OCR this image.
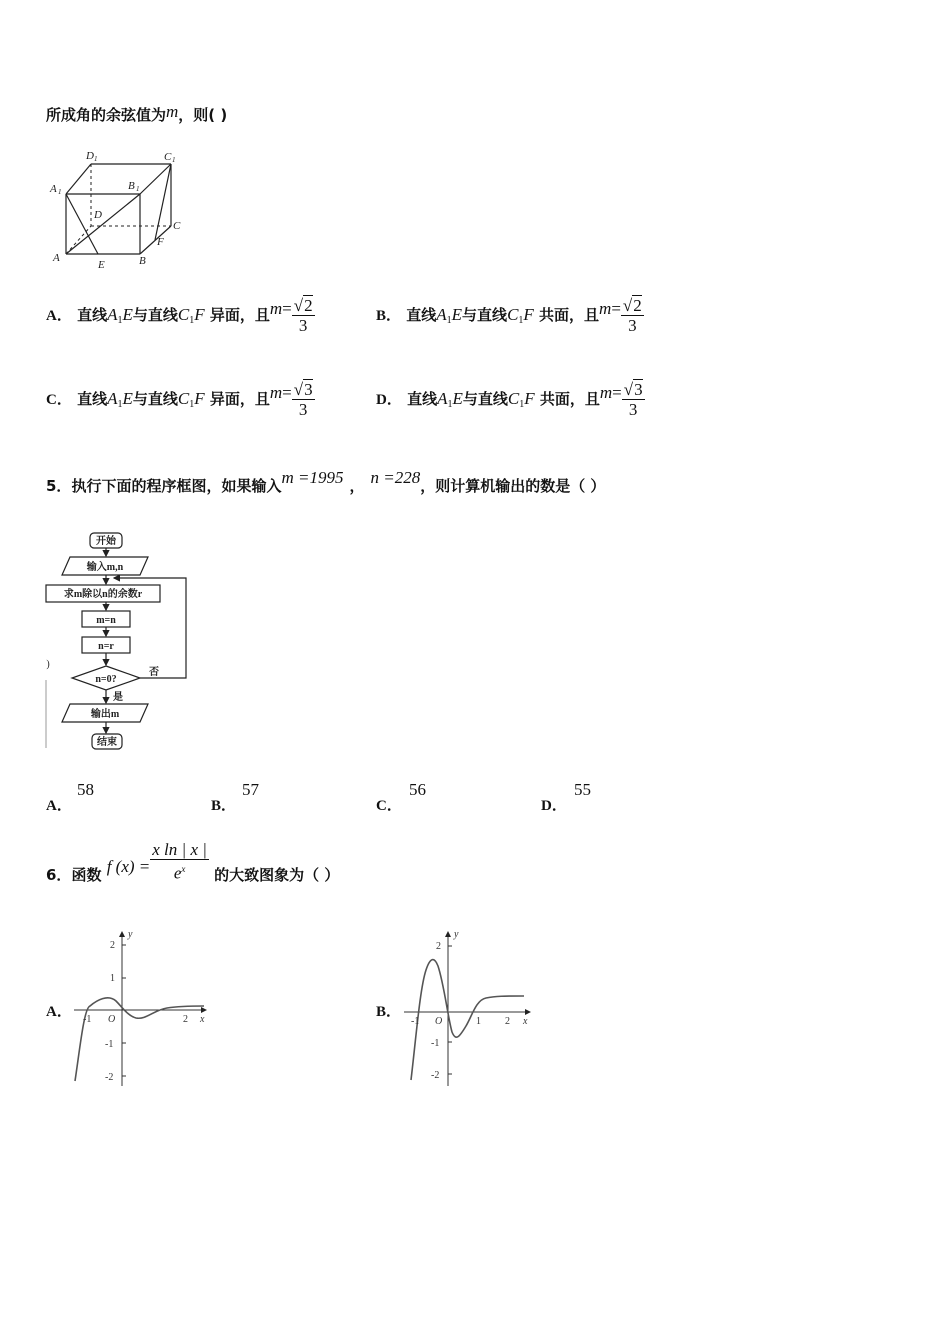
所成角的余弦值为m，则( )
D 1	C 1
A 1	B 1
D
C
F
A
E	B
A． 直线$A_1E$与直线$C_1F$ 异面，且$m= \frac{√2}{3}$	B． 直线$A_1E$与直线$C_1F$ 共面，且$m= \frac{√2}{3}$
C． 直线$A_1E$与直线$C_1F$ 异面，且$m= \frac{√3}{3}$	D． 直线$A_1E$与直线$C_1F$ 共面，且$m= \frac{√3}{3}$
5．执行下面的程序框图，如果输入m =1995 ， n =228，则计算机输出的数是（ ）
开始
输入m,n
求m除以n的余数r
m=n
n=r
n=0?
否
是
输出m
结束
)
A．
58
B．
57
C．
56
D．
55
6．函数 f $(x) = \frac{\text{x ln | x |}}{e^x}$ 的大致图象为（ ）
A．
2
1
-1
-2
-1	2
O	x
y
B．
2
-1
-2
-1	1 2
O	x
y
